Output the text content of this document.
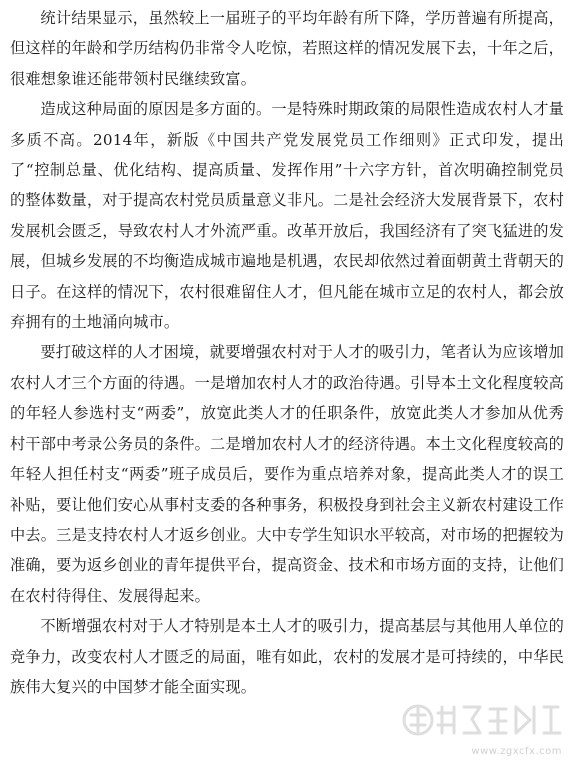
统计结果显示，虽然较上一届班子的平均年龄有所下降，学历普遍有所提高，但这样的年龄和学历结构仍非常令人吃惊，若照这样的情况发展下去，十年之后，很难想象谁还能带领村民继续致富。

造成这种局面的原因是多方面的。一是特殊时期政策的局限性造成农村人才量多质不高。2014年，新版《中国共产党发展党员工作细则》正式印发，提出了“控制总量、优化结构、提高质量、发挥作用”十六字方针，首次明确控制党员的整体数量，对于提高农村党员质量意义非凡。二是社会经济大发展背景下，农村发展机会匮乏，导致农村人才外流严重。改革开放后，我国经济有了突飞猛进的发展，但城乡发展的不均衡造成城市遍地是机遇，农民却依然过着面朝黄土背朝天的日子。在这样的情况下，农村很难留住人才，但凡能在城市立足的农村人，都会放弃拥有的土地涌向城市。

要打破这样的人才困境，就要增强农村对于人才的吸引力，笔者认为应该增加农村人才三个方面的待遇。一是增加农村人才的政治待遇。引导本土文化程度较高的年轻人参选村支“两委”，放宽此类人才的任职条件，放宽此类人才参加从优秀村干部中考录公务员的条件。二是增加农村人才的经济待遇。本土文化程度较高的年轻人担任村支“两委”班子成员后，要作为重点培养对象，提高此类人才的误工补贴，要让他们安心从事村支委的各种事务，积极投身到社会主义新农村建设工作中去。三是支持农村人才返乡创业。大中专学生知识水平较高，对市场的把握较为准确，要为返乡创业的青年提供平台，提高资金、技术和市场方面的支持，让他们在农村待得住、发展得起来。

不断增强农村对于人才特别是本土人才的吸引力，提高基层与其他用人单位的竞争力，改变农村人才匮乏的局面，唯有如此，农村的发展才是可持续的，中华民族伟大复兴的中国梦才能全面实现。

www.zgxcfx.com
